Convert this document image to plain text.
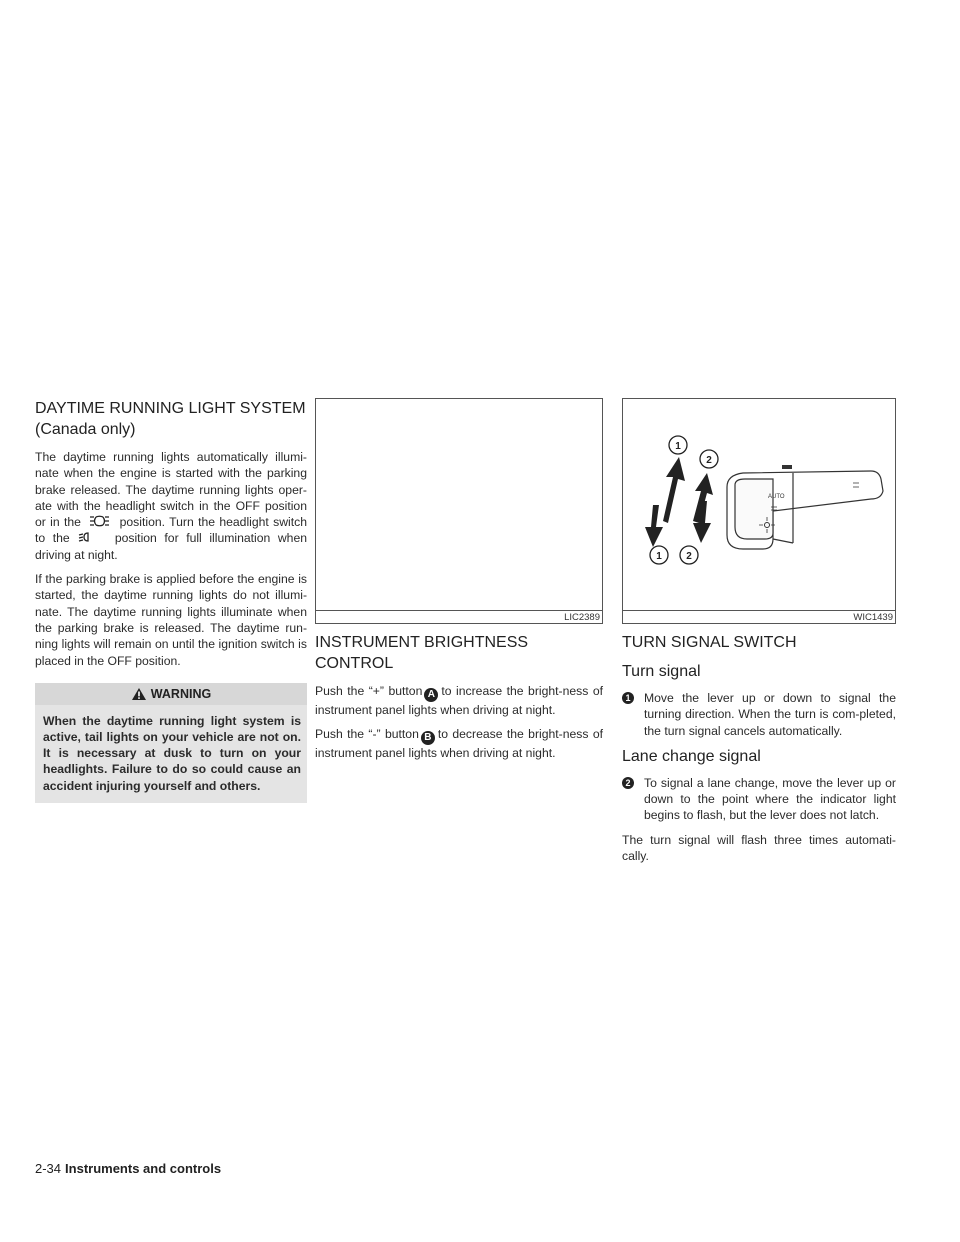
DAYTIME RUNNING LIGHT SYSTEM
(Canada only)

The daytime running lights automatically illumi-nate when the engine is started with the parking brake released. The daytime running lights oper-ate with the headlight switch in the OFF position or in the	position. Turn the headlight switch to the	position for full illumination when driving at night.

If the parking brake is applied before the engine is started, the daytime running lights do not illumi-nate. The daytime running lights illuminate when the parking brake is released. The daytime run-ning lights will remain on until the ignition switch is placed in the OFF position.

WARNING
When the daytime running light system is active, tail lights on your vehicle are not on. It is necessary at dusk to turn on your headlights. Failure to do so could cause an accident injuring yourself and others.
LIC2389
INSTRUMENT BRIGHTNESS
CONTROL

Push the “+” button A to increase the bright-ness of instrument panel lights when driving at night.

Push the “-” button B to decrease the bright-ness of instrument panel lights when driving at night.

AUTO
1
2
1 2
WIC1439
TURN SIGNAL SWITCH
Turn signal
1 Move the lever up or down to signal the turning direction. When the turn is com-pleted, the turn signal cancels automatically.
Lane change signal
2 To signal a lane change, move the lever up or down to the point where the indicator light begins to flash, but the lever does not latch.

The turn signal will flash three times automati-cally.

2-34 Instruments and controls
